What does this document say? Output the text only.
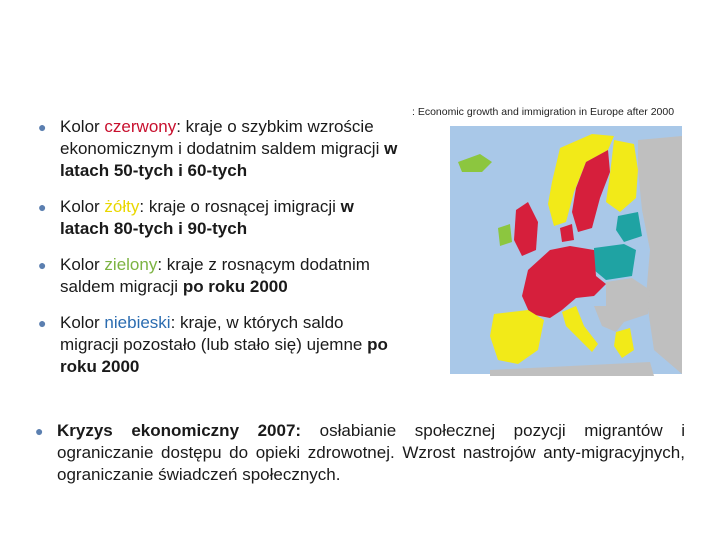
● Kolor czerwony: kraje o szybkim wzroście ekonomicznym i dodatnim saldem migracji w latach 50-tych i 60-tych
● Kolor żółty: kraje o rosnącej imigracji w latach 80-tych i 90-tych
● Kolor zielony: kraje z rosnącym dodatnim saldem migracji po roku 2000
● Kolor niebieski: kraje, w których saldo migracji pozostało (lub stało się) ujemne po roku 2000
: Economic growth and immigration in Europe after 2000
● Kryzys ekonomiczny 2007: osłabianie społecznej pozycji migrantów i ograniczanie dostępu do opieki zdrowotnej. Wzrost nastrojów anty-migracyjnych, ograniczanie świadczeń społecznych.
